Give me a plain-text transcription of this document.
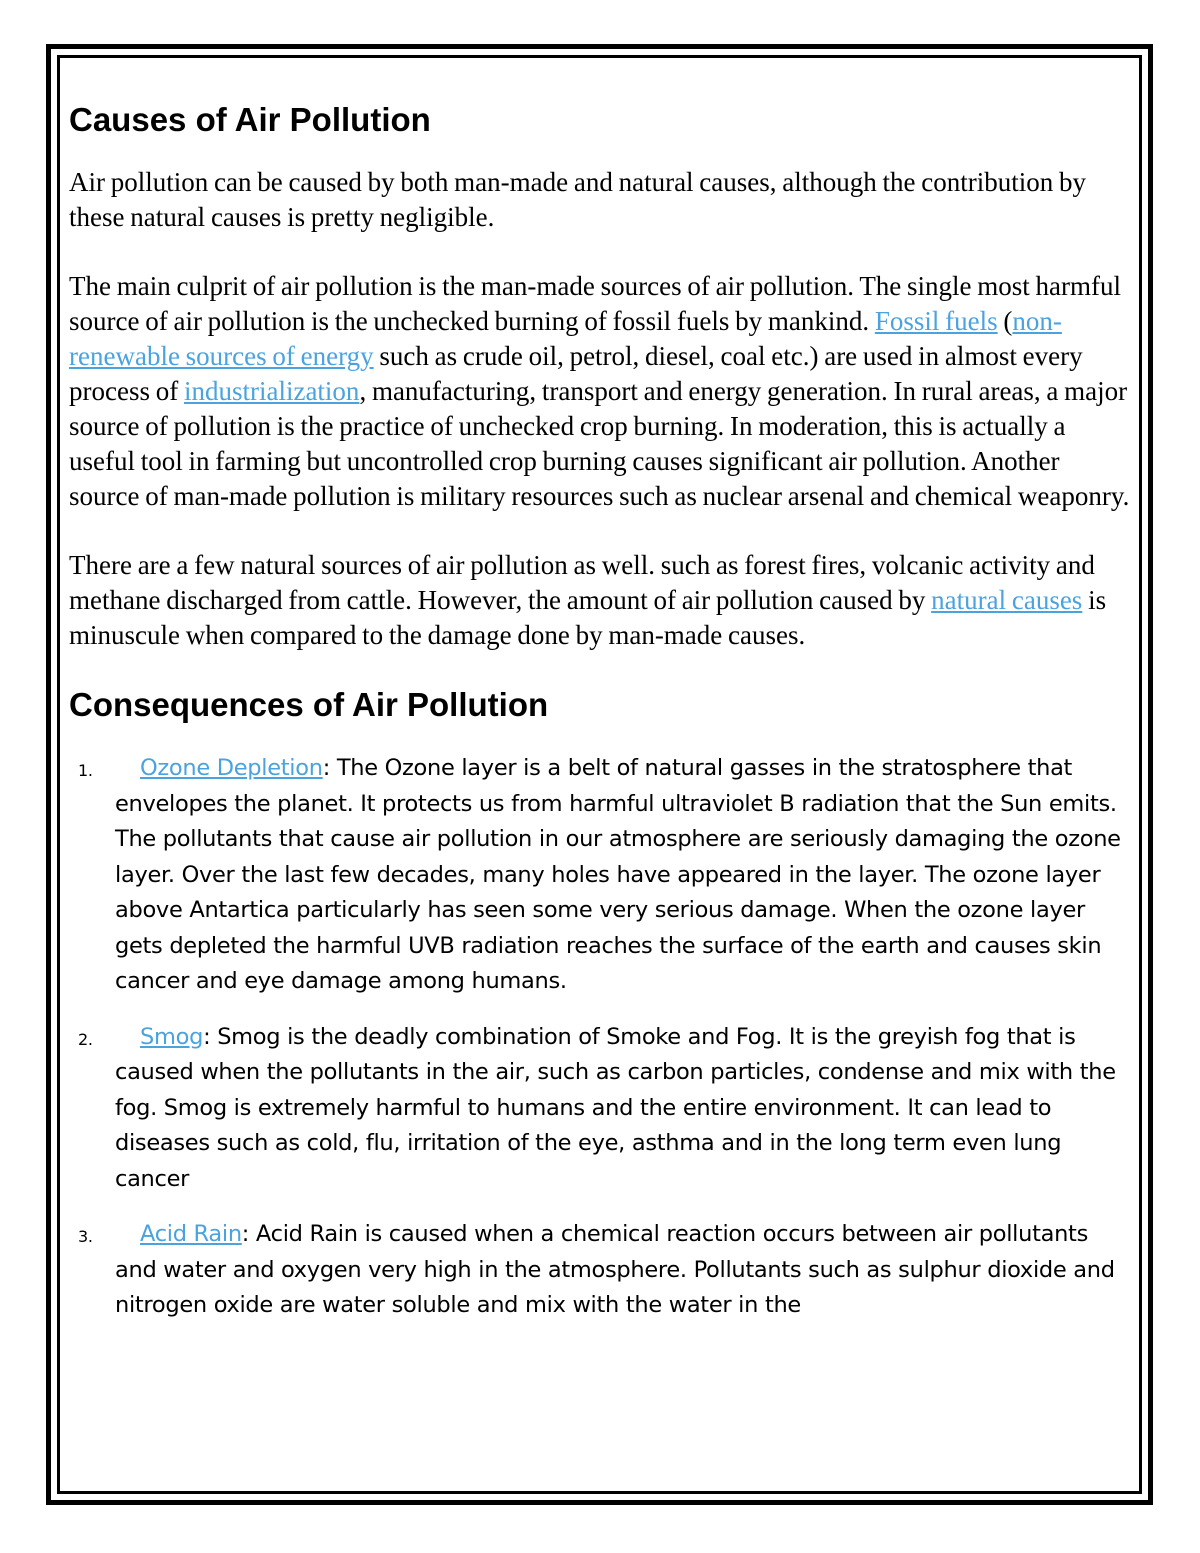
Causes of Air Pollution

Air pollution can be caused by both man-made and natural causes, although the contribution by these natural causes is pretty negligible.

The main culprit of air pollution is the man-made sources of air pollution. The single most harmful source of air pollution is the unchecked burning of fossil fuels by mankind. Fossil fuels (non-renewable sources of energy such as crude oil, petrol, diesel, coal etc.) are used in almost every process of industrialization, manufacturing, transport and energy generation. In rural areas, a major source of pollution is the practice of unchecked crop burning. In moderation, this is actually a useful tool in farming but uncontrolled crop burning causes significant air pollution. Another source of man-made pollution is military resources such as nuclear arsenal and chemical weaponry.

There are a few natural sources of air pollution as well. such as forest fires, volcanic activity and methane discharged from cattle. However, the amount of air pollution caused by natural causes is minuscule when compared to the damage done by man-made causes.

Consequences of Air Pollution
1. Ozone Depletion: The Ozone layer is a belt of natural gasses in the stratosphere that envelopes the planet. It protects us from harmful ultraviolet B radiation that the Sun emits. The pollutants that cause air pollution in our atmosphere are seriously damaging the ozone layer. Over the last few decades, many holes have appeared in the layer. The ozone layer above Antartica particularly has seen some very serious damage. When the ozone layer gets depleted the harmful UVB radiation reaches the surface of the earth and causes skin cancer and eye damage among humans.
2. Smog: Smog is the deadly combination of Smoke and Fog. It is the greyish fog that is caused when the pollutants in the air, such as carbon particles, condense and mix with the fog. Smog is extremely harmful to humans and the entire environment. It can lead to diseases such as cold, flu, irritation of the eye, asthma and in the long term even lung cancer
3. Acid Rain: Acid Rain is caused when a chemical reaction occurs between air pollutants and water and oxygen very high in the atmosphere. Pollutants such as sulphur dioxide and nitrogen oxide are water soluble and mix with the water in the
